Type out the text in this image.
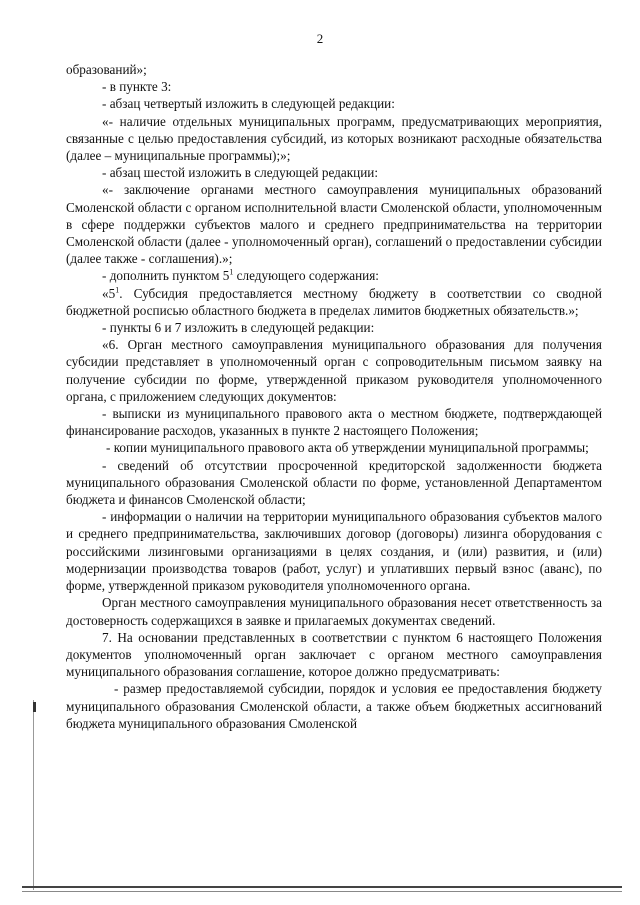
2

образований»;

- в пункте 3:

- абзац четвертый изложить в следующей редакции:

«- наличие отдельных муниципальных программ, предусматривающих мероприятия, связанные с целью предоставления субсидий, из которых возникают расходные обязательства (далее – муниципальные программы);»;

- абзац шестой изложить в следующей редакции:

«- заключение органами местного самоуправления муниципальных образований Смоленской области с органом исполнительной власти Смоленской области, уполномоченным в сфере поддержки субъектов малого и среднего предпринимательства на территории Смоленской области (далее - уполномоченный орган), соглашений о предоставлении субсидии (далее также - соглашения).»;

- дополнить пунктом $5^1$ следующего содержания:

«$5^1$. Субсидия предоставляется местному бюджету в соответствии со сводной бюджетной росписью областного бюджета в пределах лимитов бюджетных обязательств.»;

- пункты 6 и 7 изложить в следующей редакции:

«6. Орган местного самоуправления муниципального образования для получения субсидии представляет в уполномоченный орган с сопроводительным письмом заявку на получение субсидии по форме, утвержденной приказом руководителя уполномоченного органа, с приложением следующих документов:

- выписки из муниципального правового акта о местном бюджете, подтверждающей финансирование расходов, указанных в пункте 2 настоящего Положения;

- копии муниципального правового акта об утверждении муниципальной программы;

- сведений об отсутствии просроченной кредиторской задолженности бюджета муниципального образования Смоленской области по форме, установленной Департаментом бюджета и финансов Смоленской области;

- информации о наличии на территории муниципального образования субъектов малого и среднего предпринимательства, заключивших договор (договоры) лизинга оборудования с российскими лизинговыми организациями в целях создания, и (или) развития, и (или) модернизации производства товаров (работ, услуг) и уплативших первый взнос (аванс), по форме, утвержденной приказом руководителя уполномоченного органа.

Орган местного самоуправления муниципального образования несет ответственность за достоверность содержащихся в заявке и прилагаемых документах сведений.

7. На основании представленных в соответствии с пунктом 6 настоящего Положения документов уполномоченный орган заключает с органом местного самоуправления муниципального образования соглашение, которое должно предусматривать:

- размер предоставляемой субсидии, порядок и условия ее предоставления бюджету муниципального образования Смоленской области, а также объем бюджетных ассигнований бюджета муниципального образования Смоленской
